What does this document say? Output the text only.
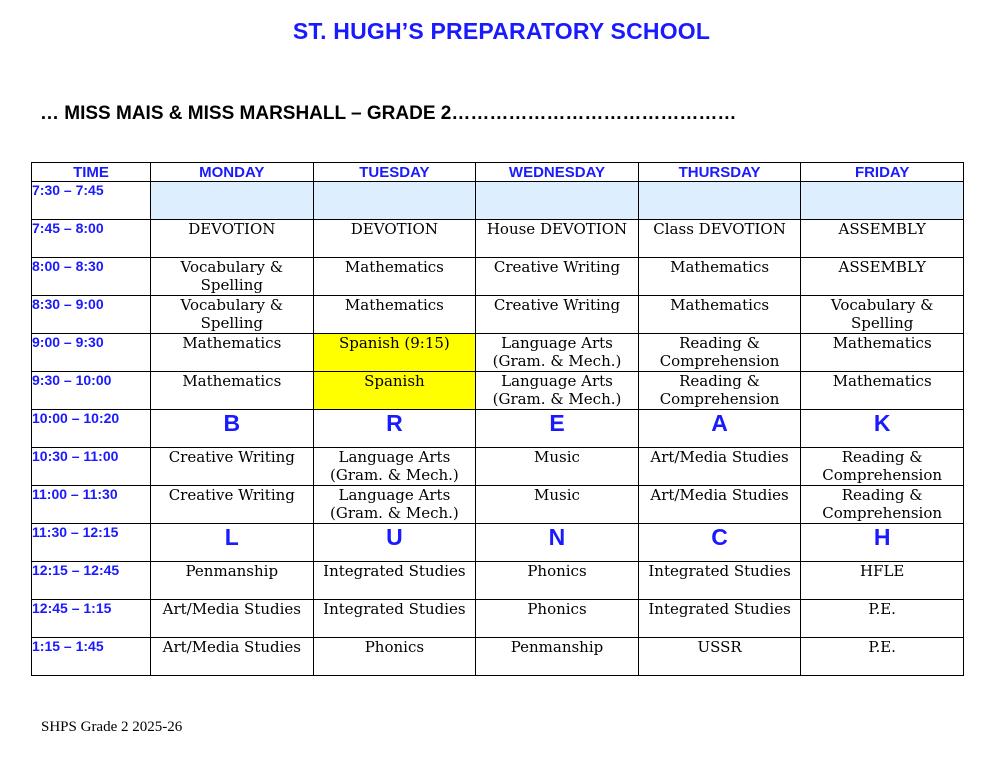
ST. HUGH’S PREPARATORY SCHOOL
… MISS MAIS & MISS MARSHALL – GRADE 2………………………………………
TIME	MONDAY	TUESDAY	WEDNESDAY	THURSDAY	FRIDAY
7:30 – 7:45	

7:45 – 8:00	DEVOTION	DEVOTION	House DEVOTION	Class DEVOTION	ASSEMBLY

8:00 – 8:30	Vocabulary & Spelling	Mathematics	Creative Writing	Mathematics	ASSEMBLY

8:30 – 9:00	Vocabulary & Spelling	Mathematics	Creative Writing	Mathematics	Vocabulary & Spelling

9:00 – 9:30	Mathematics	Spanish (9:15)	Language Arts (Gram. & Mech.)	Reading & Comprehension	Mathematics

9:30 – 10:00	Mathematics	Spanish	Language Arts (Gram. & Mech.)	Reading & Comprehension	Mathematics

10:00 – 10:20	B	R	E	A	K
10:30 – 11:00	Creative Writing	Language Arts (Gram. & Mech.)	Music	Art/Media Studies	Reading & Comprehension

11:00 – 11:30	Creative Writing	Language Arts (Gram. & Mech.)	Music	Art/Media Studies	Reading & Comprehension

11:30 – 12:15	L	U	N	C	H
12:15 – 12:45	Penmanship	Integrated Studies	Phonics	Integrated Studies	HFLE

12:45 – 1:15	Art/Media Studies	Integrated Studies	Phonics	Integrated Studies	P.E.

1:15 – 1:45	Art/Media Studies	Phonics	Penmanship	USSR	P.E.
SHPS Grade 2 2025-26
